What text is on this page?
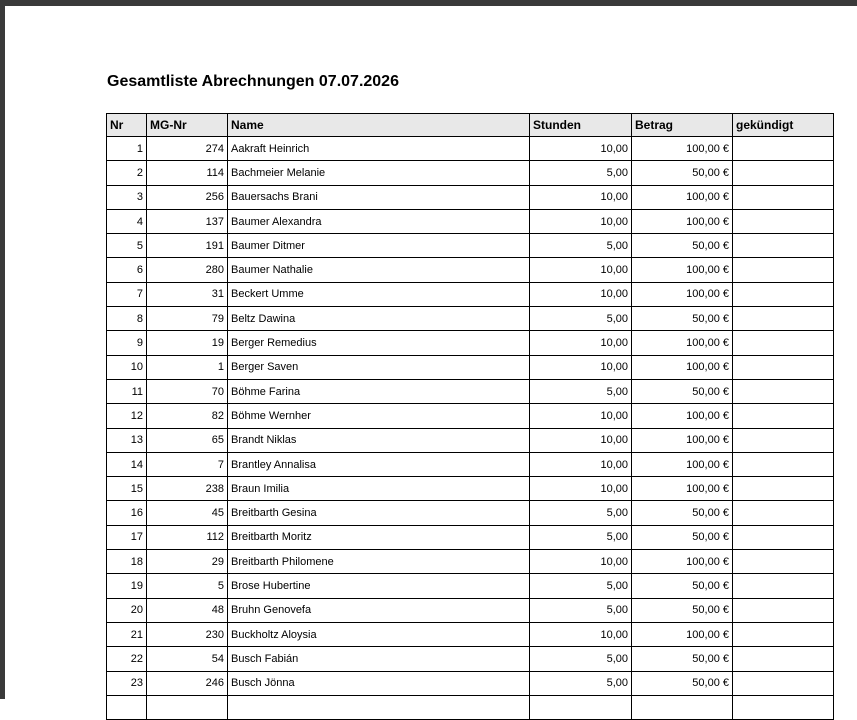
Gesamtliste Abrechnungen 07.07.2026
Nr	MG-Nr	Name	Stunden	Betrag	gekündigt
1	274	Aakraft Heinrich	10,00	100,00 €	
2	114	Bachmeier Melanie	5,00	50,00 €	
3	256	Bauersachs Brani	10,00	100,00 €	
4	137	Baumer Alexandra	10,00	100,00 €	
5	191	Baumer Ditmer	5,00	50,00 €	
6	280	Baumer Nathalie	10,00	100,00 €	
7	31	Beckert Umme	10,00	100,00 €	
8	79	Beltz Dawina	5,00	50,00 €	
9	19	Berger Remedius	10,00	100,00 €	
10	1	Berger Saven	10,00	100,00 €	
11	70	Böhme Farina	5,00	50,00 €	
12	82	Böhme Wernher	10,00	100,00 €	
13	65	Brandt Niklas	10,00	100,00 €	
14	7	Brantley Annalisa	10,00	100,00 €	
15	238	Braun Imilia	10,00	100,00 €	
16	45	Breitbarth Gesina	5,00	50,00 €	
17	112	Breitbarth Moritz	5,00	50,00 €	
18	29	Breitbarth Philomene	10,00	100,00 €	
19	5	Brose Hubertine	5,00	50,00 €	
20	48	Bruhn Genovefa	5,00	50,00 €	
21	230	Buckholtz Aloysia	10,00	100,00 €	
22	54	Busch Fabián	5,00	50,00 €	
23	246	Busch Jönna	5,00	50,00 €	
